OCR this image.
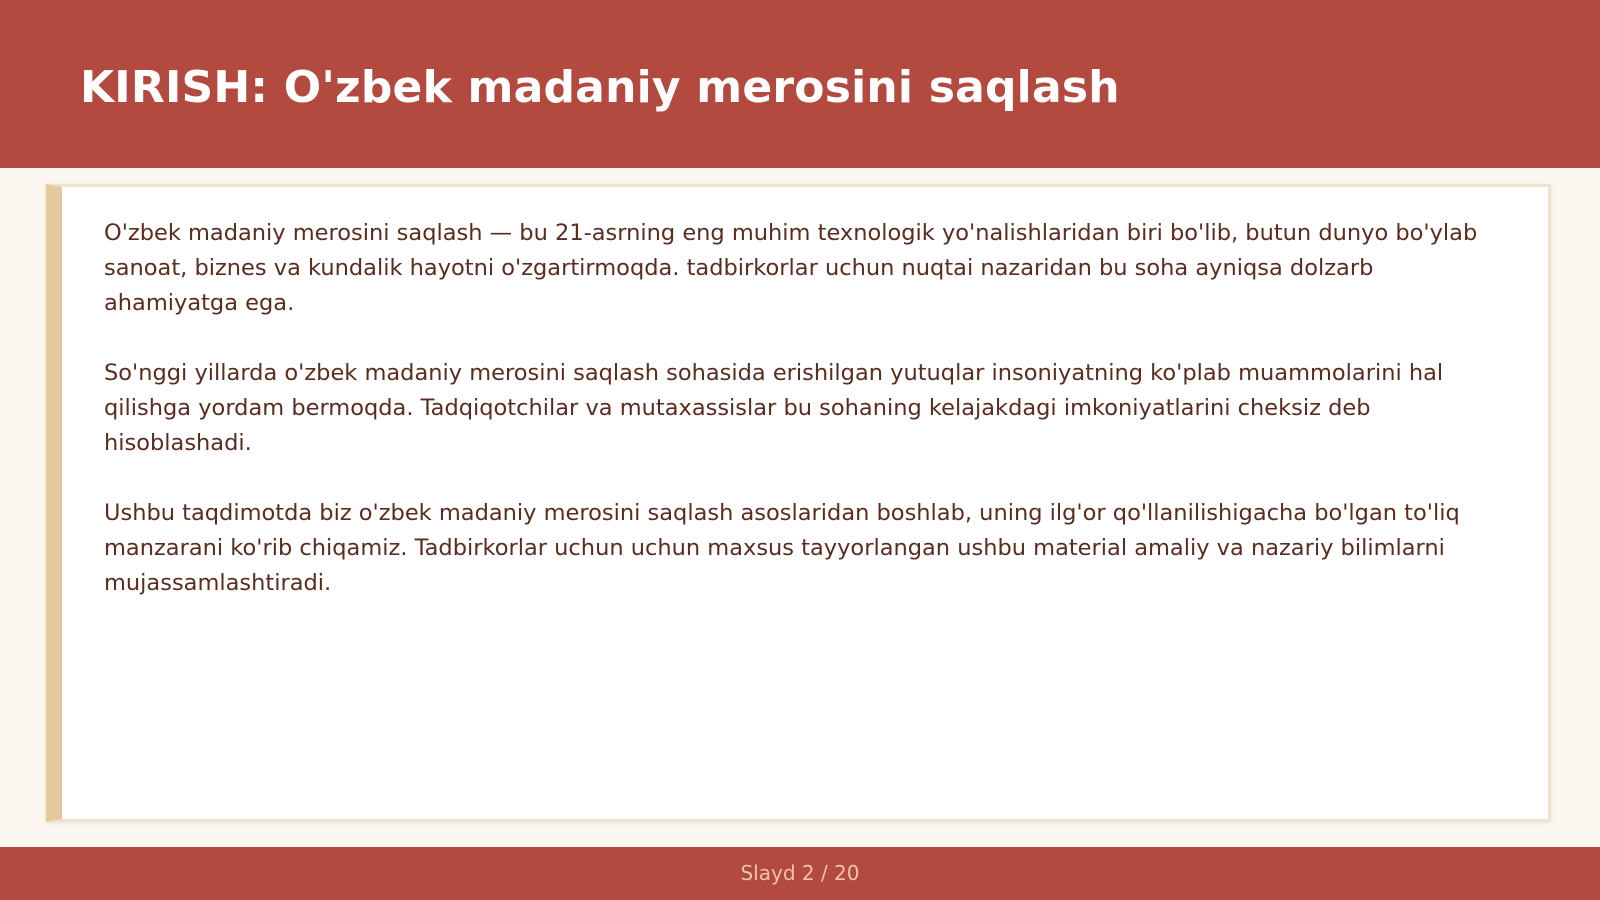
KIRISH: O'zbek madaniy merosini saqlash

O'zbek madaniy merosini saqlash — bu 21-asrning eng muhim texnologik yo'nalishlaridan biri bo'lib, butun dunyo bo'ylab sanoat, biznes va kundalik hayotni o'zgartirmoqda. tadbirkorlar uchun nuqtai nazaridan bu soha ayniqsa dolzarb ahamiyatga ega.

So'nggi yillarda o'zbek madaniy merosini saqlash sohasida erishilgan yutuqlar insoniyatning ko'plab muammolarini hal qilishga yordam bermoqda. Tadqiqotchilar va mutaxassislar bu sohaning kelajakdagi imkoniyatlarini cheksiz deb hisoblashadi.

Ushbu taqdimotda biz o'zbek madaniy merosini saqlash asoslaridan boshlab, uning ilg'or qo'llanilishigacha bo'lgan to'liq manzarani ko'rib chiqamiz. Tadbirkorlar uchun uchun maxsus tayyorlangan ushbu material amaliy va nazariy bilimlarni mujassamlashtiradi.

Slayd 2 / 20
